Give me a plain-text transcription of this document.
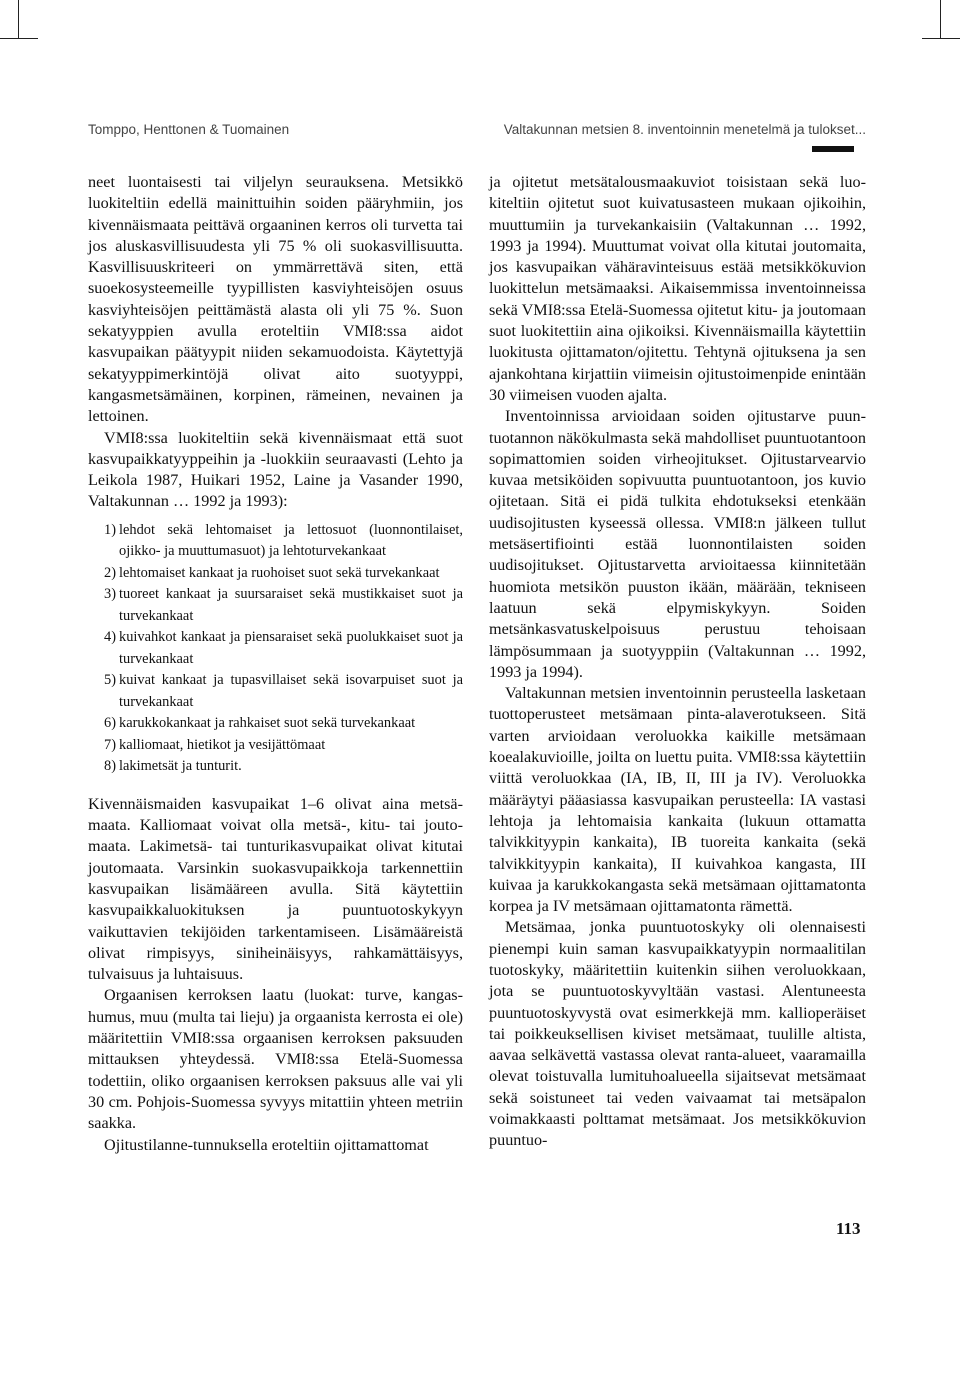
Tomppo, Henttonen & Tuomainen	Valtakunnan metsien 8. inventoinnin menetelmä ja tulokset...

neet luontaisesti tai viljelyn seurauksena. Metsikkö luokiteltiin edellä mainittuihin soiden pääryhmiin, jos kivennäismaata peittävä orgaaninen kerros oli turvetta tai jos aluskasvillisuudesta yli 75 % oli suokasvillisuutta. Kasvillisuuskriteeri on ymmärrettävä siten, että suoekosysteemeille tyypillisten kasviyhteisöjen osuus kasviyhteisöjen peittämästä alasta oli yli 75 %. Suon sekatyyppien avulla eroteltiin VMI8:ssa aidot kasvupaikan päätyypit niiden sekamuodoista. Käytettyjä sekatyyppimerkintöjä olivat aito suotyyppi, kangasmetsämäinen, korpinen, rämeinen, nevainen ja lettoinen.

VMI8:ssa luokiteltiin sekä kivennäismaat että suot kasvupaikkatyyppeihin ja -luokkiin seuraavasti (Lehto ja Leikola 1987, Huikari 1952, Laine ja Vasander 1990, Valtakunnan … 1992 ja 1993):

1) lehdot sekä lehtomaiset ja lettosuot (luonnontilaiset, ojikko- ja muuttumasuot) ja lehtoturvekankaat
2) lehtomaiset kankaat ja ruohoiset suot sekä turvekankaat
3) tuoreet kankaat ja suursaraiset sekä mustikkaiset suot ja turvekankaat
4) kuivahkot kankaat ja piensaraiset sekä puolukkaiset suot ja turvekankaat
5) kuivat kankaat ja tupasvillaiset sekä isovarpuiset suot ja turvekankaat
6) karukkokankaat ja rahkaiset suot sekä turvekankaat
7) kalliomaat, hietikot ja vesijättömaat
8) lakimetsät ja tunturit.

Kivennäismaiden kasvupaikat 1–6 olivat aina metsämaata. Kalliomaat voivat olla metsä-, kitu- tai joutomaata. Lakimetsä- tai tunturikasvupaikat olivat kitutai joutomaata. Varsinkin suokasvupaikkoja tarkennettiin kasvupaikan lisämääreen avulla. Sitä käytettiin kasvupaikkaluokituksen ja puuntuotoskykyyn vaikuttavien tekijöiden tarkentamiseen. Lisämääreistä olivat rimpisyys, siniheinäisyys, rahkamättäisyys, tulvaisuus ja luhtaisuus.

Orgaanisen kerroksen laatu (luokat: turve, kangashumus, muu (multa tai lieju) ja orgaanista kerrosta ei ole) määritettiin VMI8:ssa orgaanisen kerroksen paksuuden mittauksen yhteydessä. VMI8:ssa Etelä-Suomessa todettiin, oliko orgaanisen kerroksen paksuus alle vai yli 30 cm. Pohjois-Suomessa syvyys mitattiin yhteen metriin saakka.

Ojitustilanne-tunnuksella eroteltiin ojittamattomat

ja ojitetut metsätalousmaakuviot toisistaan sekä luokiteltiin ojitetut suot kuivatusasteen mukaan ojikoihin, muuttumiin ja turvekankaisiin (Valtakunnan … 1992, 1993 ja 1994). Muuttumat voivat olla kitutai joutomaita, jos kasvupaikan vähäravinteisuus estää metsikkökuvion luokittelun metsämaaksi. Aikaisemmissa inventoinneissa sekä VMI8:ssa Etelä-Suomessa ojitetut kitu- ja joutomaan suot luokitettiin aina ojikoiksi. Kivennäismailla käytettiin luokitusta ojittamaton/ojitettu. Tehtynä ojituksena ja sen ajankohtana kirjattiin viimeisin ojitustoimenpide enintään 30 viimeisen vuoden ajalta.

Inventoinnissa arvioidaan soiden ojitustarve puuntuotannon näkökulmasta sekä mahdolliset puuntuotantoon sopimattomien soiden virheojitukset. Ojitustarvearvio kuvaa metsiköiden sopivuutta puuntuotantoon, jos kuvio ojitetaan. Sitä ei pidä tulkita ehdotukseksi etenkään uudisojitusten kyseessä ollessa. VMI8:n jälkeen tullut metsäsertifiointi estää luonnontilaisten soiden uudisojitukset. Ojitustarvetta arvioitaessa kiinnitetään huomiota metsikön puuston ikään, määrään, tekniseen laatuun sekä elpymiskykyyn. Soiden metsänkasvatuskelpoisuus perustuu tehoisaan lämpösummaan ja suotyyppiin (Valtakunnan … 1992, 1993 ja 1994).

Valtakunnan metsien inventoinnin perusteella lasketaan tuottoperusteet metsämaan pinta-alaverotukseen. Sitä varten arvioidaan veroluokka kaikille metsämaan koealakuvioille, joilta on luettu puita. VMI8:ssa käytettiin viittä veroluokkaa (IA, IB, II, III ja IV). Veroluokka määräytyi pääasiassa kasvupaikan perusteella: IA vastasi lehtoja ja lehtomaisia kankaita (lukuun ottamatta talvikkityypin kankaita), IB tuoreita kankaita (sekä talvikkityypin kankaita), II kuivahkoa kangasta, III kuivaa ja karukkokangasta sekä metsämaan ojittamatonta korpea ja IV metsämaan ojittamatonta rämettä.

Metsämaa, jonka puuntuotoskyky oli olennaisesti pienempi kuin saman kasvupaikkatyypin normaalitilan tuotoskyky, määritettiin kuitenkin siihen veroluokkaan, jota se puuntuotoskyvyltään vastasi. Alentuneesta puuntuotoskyvystä ovat esimerkkejä mm. kallioperäiset tai poikkeuksellisen kiviset metsämaat, tuulille altista, aavaa selkävettä vastassa olevat ranta-alueet, vaaramailla olevat toistuvalla lumituhoalueella sijaitsevat metsämaat sekä soistuneet tai veden vaivaamat tai metsäpalon voimakkaasti polttamat metsämaat. Jos metsikkökuvion puuntuo-

113
